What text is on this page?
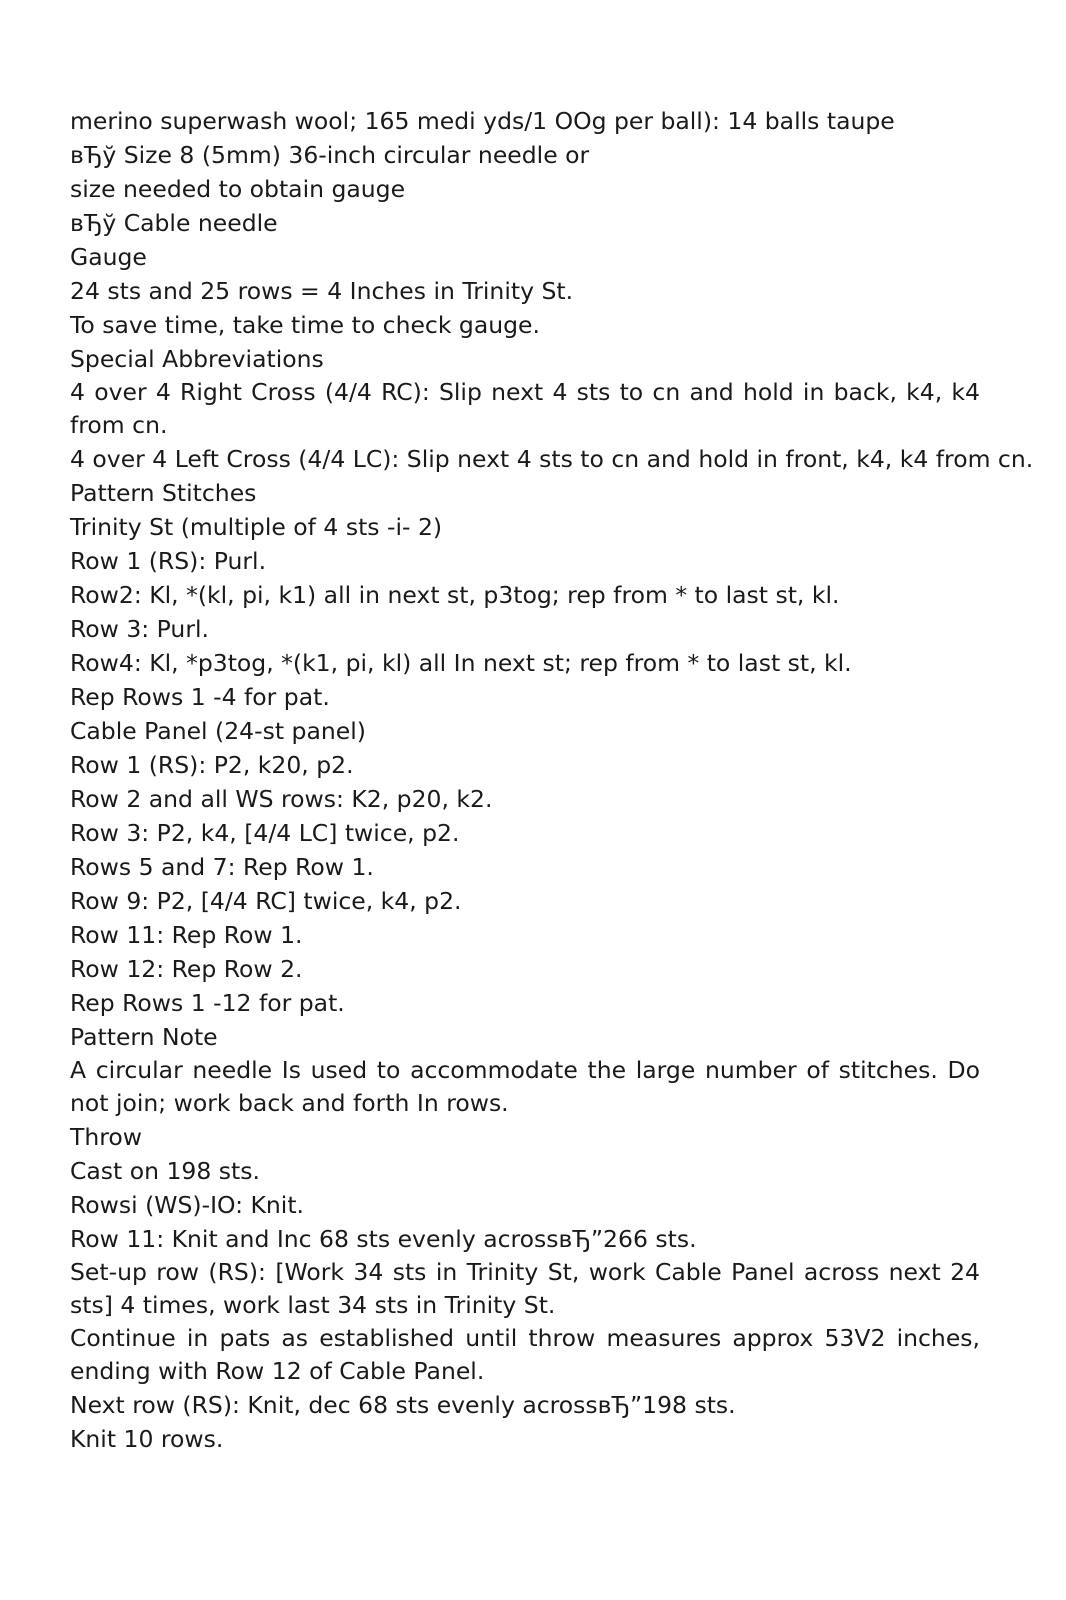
merino superwash wool; 165 medi yds/1 OOg per ball): 14 balls taupe
вЂў Size 8 (5mm) 36-inch circular needle or
size needed to obtain gauge
вЂў Cable needle
Gauge
24 sts and 25 rows = 4 Inches in Trinity St.
To save time, take time to check gauge.
Special Abbreviations
4 over 4 Right Cross (4/4 RC): Slip next 4 sts to cn and hold in back, k4, k4 from cn.
4 over 4 Left Cross (4/4 LC): Slip next 4 sts to cn and hold in front, k4, k4 from cn.
Pattern Stitches
Trinity St (multiple of 4 sts -i- 2)
Row 1 (RS): Purl.
Row2: Kl, *(kl, pi, k1) all in next st, p3tog; rep from * to last st, kl.
Row 3: Purl.
Row4: Kl, *p3tog, *(k1, pi, kl) all In next st; rep from * to last st, kl.
Rep Rows 1 -4 for pat.
Cable Panel (24-st panel)
Row 1 (RS): P2, k20, p2.
Row 2 and all WS rows: K2, p20, k2.
Row 3: P2, k4, [4/4 LC] twice, p2.
Rows 5 and 7: Rep Row 1.
Row 9: P2, [4/4 RC] twice, k4, p2.
Row 11: Rep Row 1.
Row 12: Rep Row 2.
Rep Rows 1 -12 for pat.
Pattern Note
A circular needle Is used to accommodate the large number of stitches. Do not join; work back and forth In rows.
Throw
Cast on 198 sts.
Rowsi (WS)-IO: Knit.
Row 11: Knit and Inc 68 sts evenly acrossвЂ”266 sts.
Set-up row (RS): [Work 34 sts in Trinity St, work Cable Panel across next 24 sts] 4 times, work last 34 sts in Trinity St.
Continue in pats as established until throw measures approx 53V2 inches, ending with Row 12 of Cable Panel.
Next row (RS): Knit, dec 68 sts evenly acrossвЂ”198 sts.
Knit 10 rows.
